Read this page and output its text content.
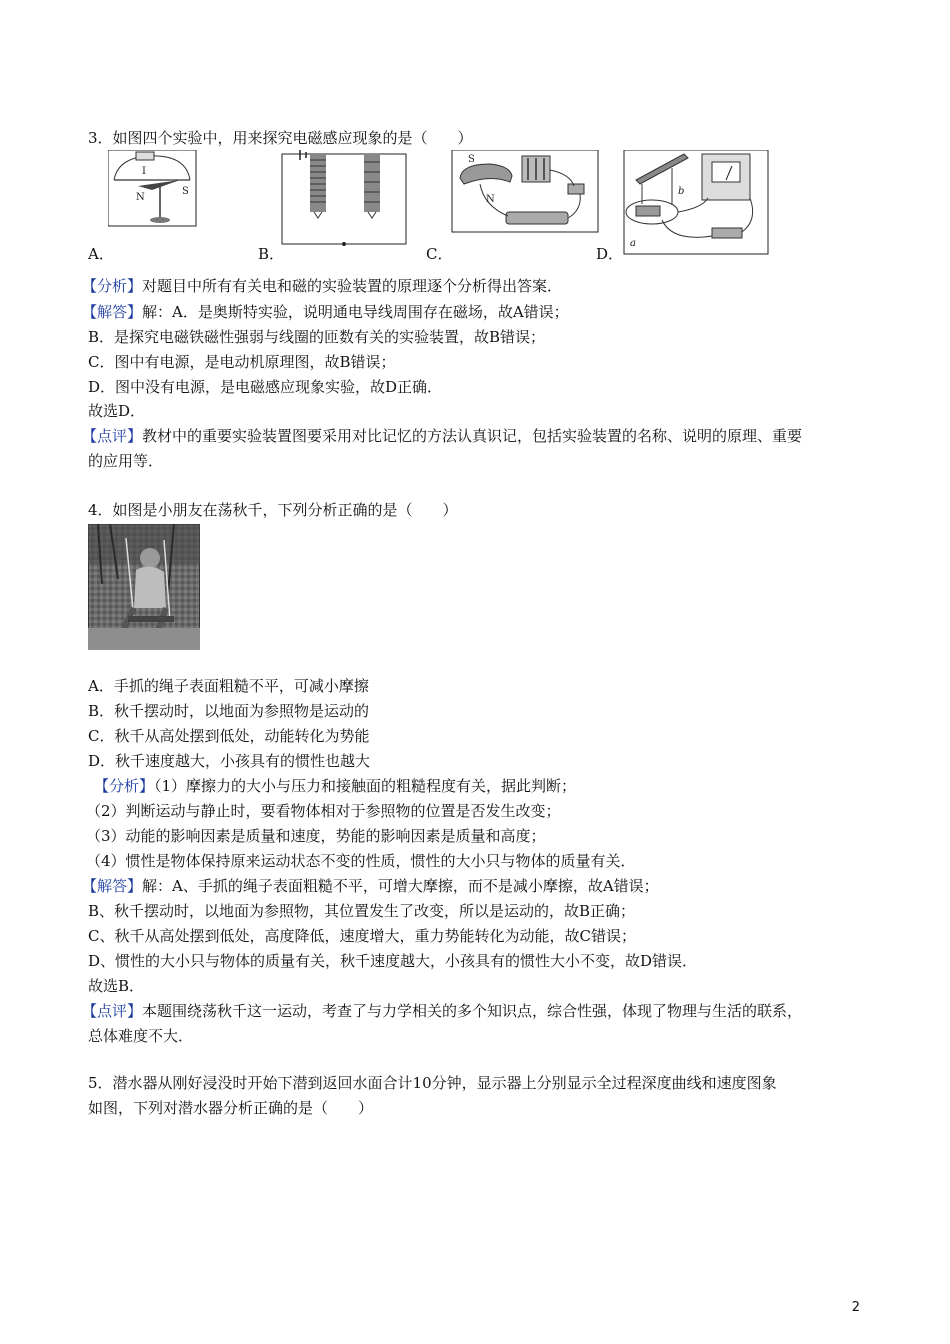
3．如图四个实验中，用来探究电磁感应现象的是（　　）
I
N
S
S
N
a
b
A．	B．	C．	D．
【分析】对题目中所有有关电和磁的实验装置的原理逐个分析得出答案．
【解答】解：A．是奥斯特实验，说明通电导线周围存在磁场，故A错误；
B．是探究电磁铁磁性强弱与线圈的匝数有关的实验装置，故B错误；
C．图中有电源，是电动机原理图，故B错误；
D．图中没有电源，是电磁感应现象实验，故D正确．
故选D．
【点评】教材中的重要实验装置图要采用对比记忆的方法认真识记，包括实验装置的名称、说明的原理、重要
的应用等．
4．如图是小朋友在荡秋千，下列分析正确的是（　　）
A．手抓的绳子表面粗糙不平，可减小摩擦
B．秋千摆动时，以地面为参照物是运动的
C．秋千从高处摆到低处，动能转化为势能
D．秋千速度越大，小孩具有的惯性也越大
【分析】（1）摩擦力的大小与压力和接触面的粗糙程度有关，据此判断；
（2）判断运动与静止时，要看物体相对于参照物的位置是否发生改变；
（3）动能的影响因素是质量和速度，势能的影响因素是质量和高度；
（4）惯性是物体保持原来运动状态不变的性质，惯性的大小只与物体的质量有关．
【解答】解：A、手抓的绳子表面粗糙不平，可增大摩擦，而不是减小摩擦，故A错误；
B、秋千摆动时，以地面为参照物，其位置发生了改变，所以是运动的，故B正确；
C、秋千从高处摆到低处，高度降低，速度增大，重力势能转化为动能，故C错误；
D、惯性的大小只与物体的质量有关，秋千速度越大，小孩具有的惯性大小不变，故D错误．
故选B．
【点评】本题围绕荡秋千这一运动，考查了与力学相关的多个知识点，综合性强，体现了物理与生活的联系，
总体难度不大．
5．潜水器从刚好浸没时开始下潜到返回水面合计10分钟，显示器上分别显示全过程深度曲线和速度图象
如图，下列对潜水器分析正确的是（　　）
2
